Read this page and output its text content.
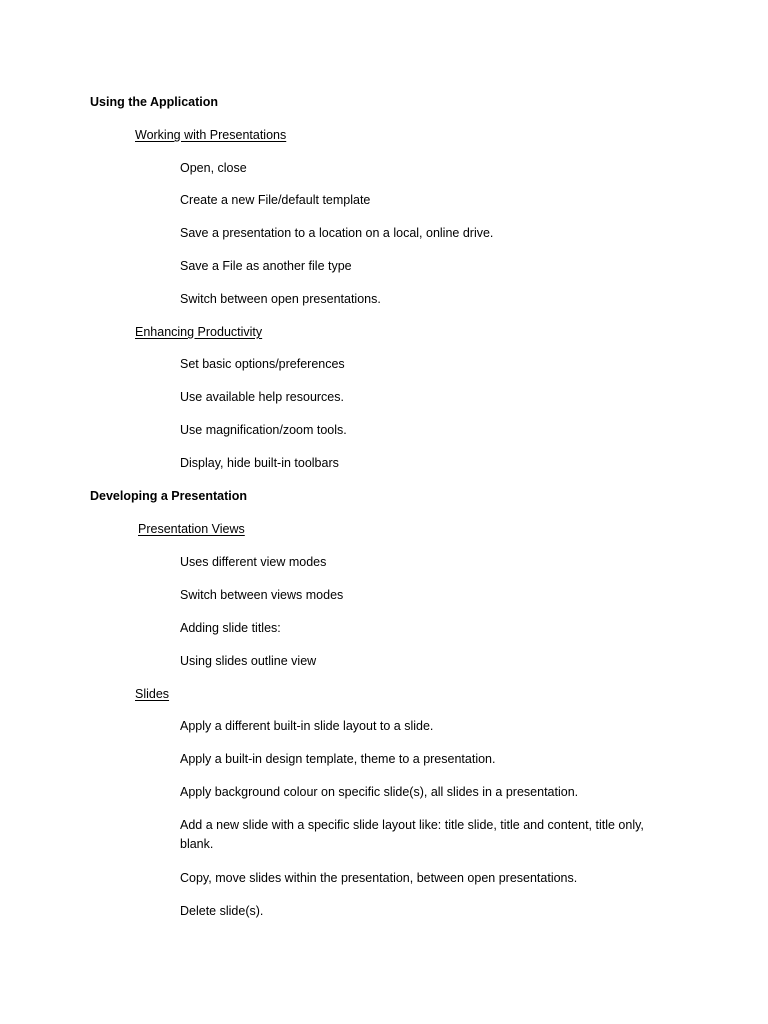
Using the Application
Working with Presentations
Open, close
Create a new File/default template
Save a presentation to a location on a local, online drive.
Save a File as another file type
Switch between open presentations.
Enhancing Productivity
Set basic options/preferences
Use available help resources.
Use magnification/zoom tools.
Display, hide built-in toolbars
Developing a Presentation
Presentation Views
Uses different view modes
Switch between views modes
Adding slide titles:
Using slides outline view
Slides
Apply a different built-in slide layout to a slide.
Apply a built-in design template, theme to a presentation.
Apply background colour on specific slide(s), all slides in a presentation.
Add a new slide with a specific slide layout like: title slide, title and content, title only, blank.
Copy, move slides within the presentation, between open presentations.
Delete slide(s).
